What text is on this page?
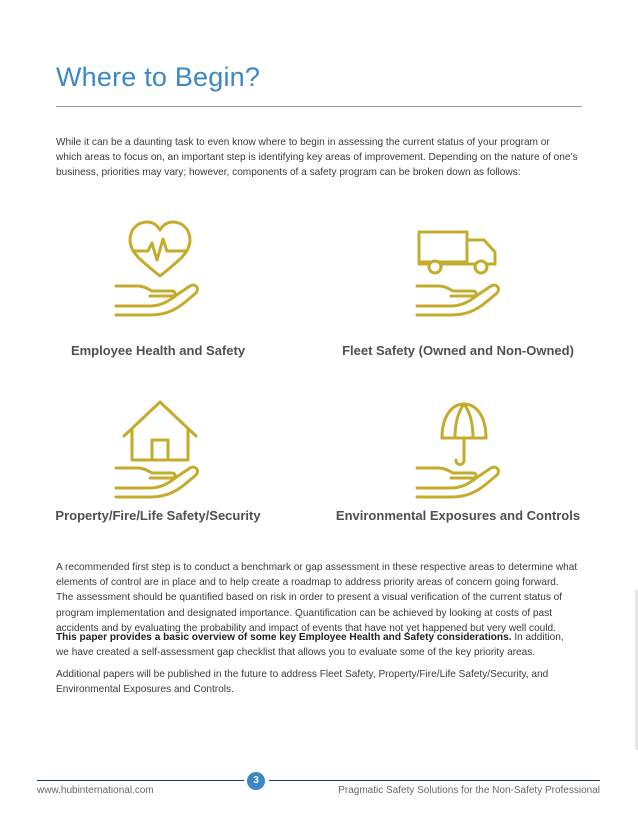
Where to Begin?

While it can be a daunting task to even know where to begin in assessing the current status of your program or which areas to focus on, an important step is identifying key areas of improvement. Depending on the nature of one’s business, priorities may vary; however, components of a safety program can be broken down as follows:

Employee Health and Safety	Fleet Safety (Owned and Non-Owned)

Property/Fire/Life Safety/Security	Environmental Exposures and Controls

A recommended first step is to conduct a benchmark or gap assessment in these respective areas to determine what elements of control are in place and to help create a roadmap to address priority areas of concern going forward. The assessment should be quantified based on risk in order to present a visual verification of the current status of program implementation and designated importance. Quantification can be achieved by looking at costs of past accidents and by evaluating the probability and impact of events that have not yet happened but very well could.

This paper provides a basic overview of some key Employee Health and Safety considerations. In addition, we have created a self-assessment gap checklist that allows you to evaluate some of the key priority areas.

Additional papers will be published in the future to address Fleet Safety, Property/Fire/Life Safety/Security, and Environmental Exposures and Controls.

3
www.hubinternational.com	Pragmatic Safety Solutions for the Non-Safety Professional
